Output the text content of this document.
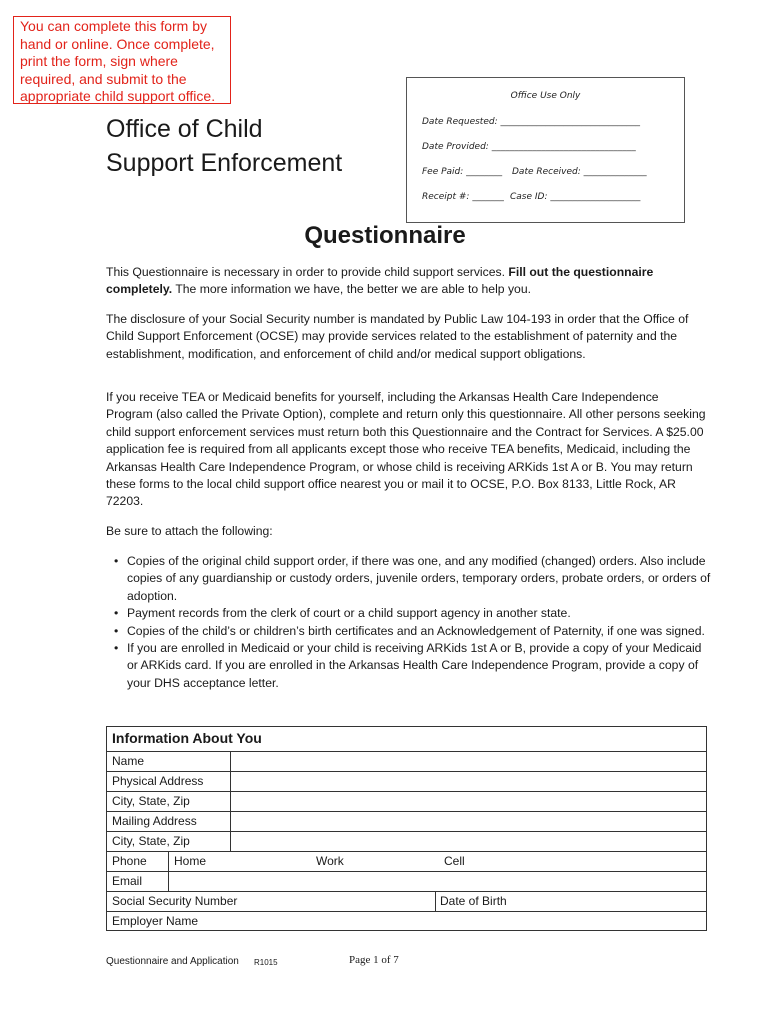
You can complete this form by hand or online. Once complete, print the form, sign where required, and submit to the appropriate child support office.	Office Use Only
Date Requested: _______________________________
Date Provided: ________________________________
Fee Paid: ________ Date Received: ______________
Receipt #: _______ Case ID: ____________________
Office of Child
Support Enforcement
Questionnaire

This Questionnaire is necessary in order to provide child support services. Fill out the questionnaire completely. The more information we have, the better we are able to help you.

The disclosure of your Social Security number is mandated by Public Law 104-193 in order that the Office of Child Support Enforcement (OCSE) may provide services related to the establishment of paternity and the establishment, modification, and enforcement of child and/or medical support obligations.

If you receive TEA or Medicaid benefits for yourself, including the Arkansas Health Care Independence Program (also called the Private Option), complete and return only this questionnaire. All other persons seeking child support enforcement services must return both this Questionnaire and the Contract for Services. A $25.00 application fee is required from all applicants except those who receive TEA benefits, Medicaid, including the Arkansas Health Care Independence Program, or whose child is receiving ARKids 1st A or B. You may return these forms to the local child support office nearest you or mail it to OCSE, P.O. Box 8133, Little Rock, AR 72203.

Be sure to attach the following:
• Copies of the original child support order, if there was one, and any modified (changed) orders. Also include copies of any guardianship or custody orders, juvenile orders, temporary orders, probate orders, or orders of adoption.
• Payment records from the clerk of court or a child support agency in another state.
• Copies of the child’s or children’s birth certificates and an Acknowledgement of Paternity, if one was signed.
• If you are enrolled in Medicaid or your child is receiving ARKids 1st A or B, provide a copy of your Medicaid or ARKids card. If you are enrolled in the Arkansas Health Care Independence Program, provide a copy of your DHS acceptance letter.
Information About You
Name
Physical Address
City, State, Zip
Mailing Address
City, State, Zip
Phone Home	Work	Cell
Email
Social Security Number	Date of Birth
Employer Name
Questionnaire and Application R1015	Page 1 of 7
